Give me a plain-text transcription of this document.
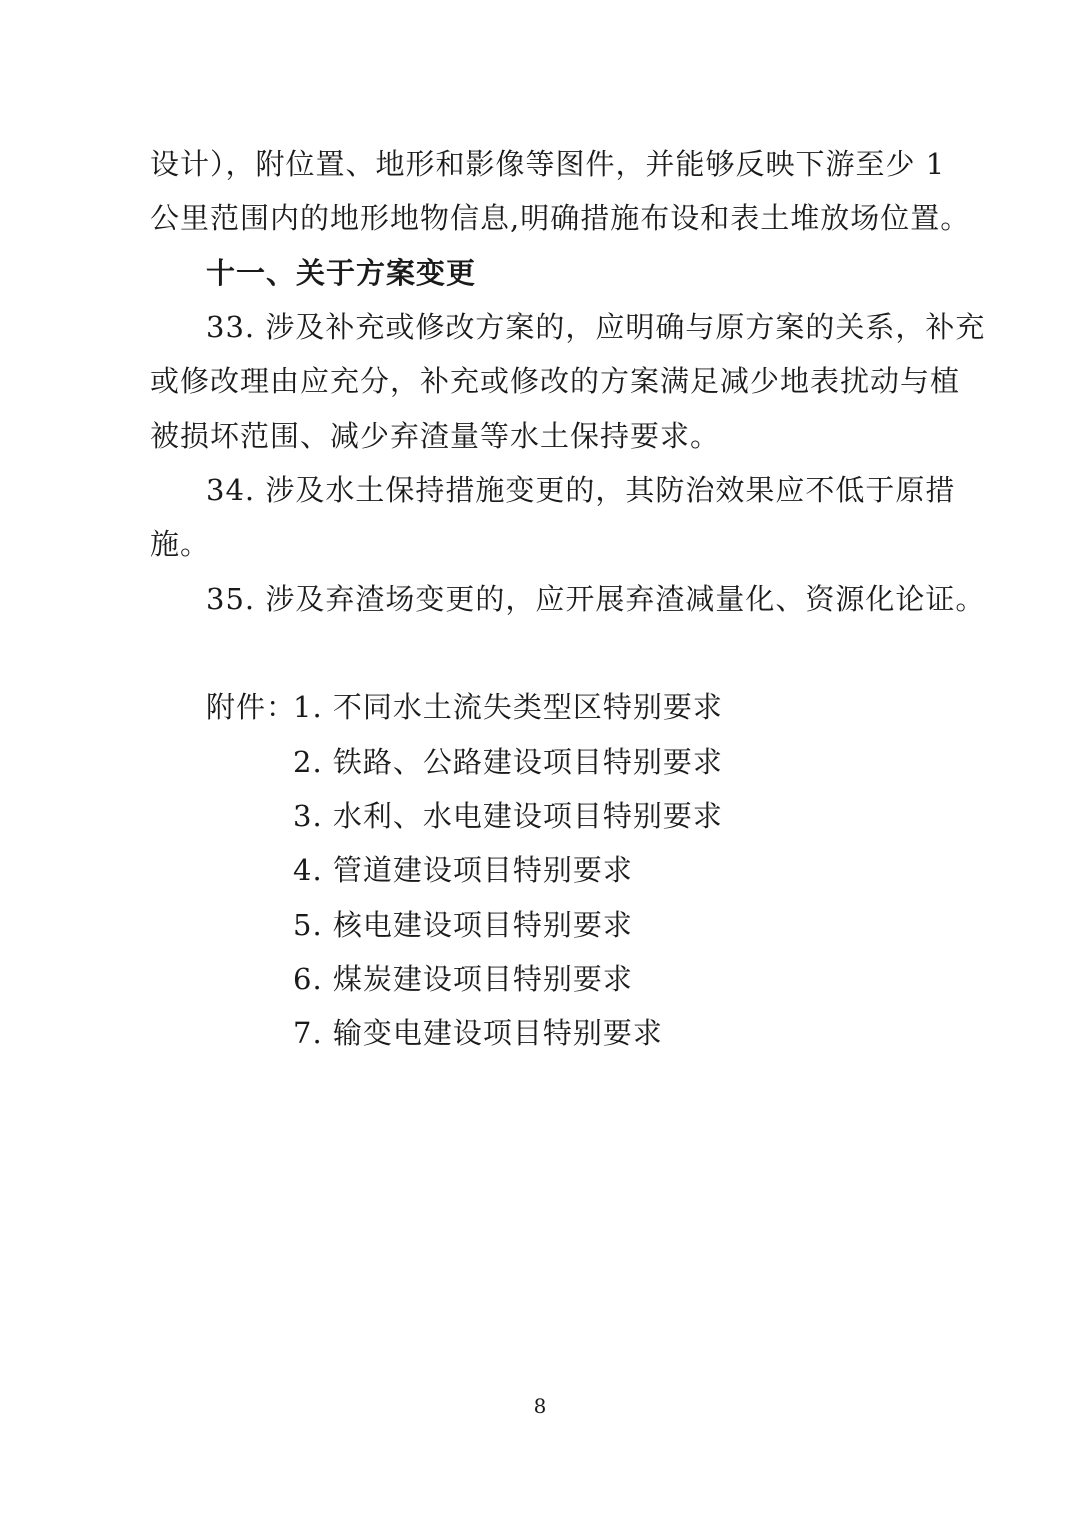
设计），附位置、地形和影像等图件，并能够反映下游至少 1
公里范围内的地形地物信息,明确措施布设和表土堆放场位置。
十一、关于方案变更
33. 涉及补充或修改方案的，应明确与原方案的关系，补充
或修改理由应充分，补充或修改的方案满足减少地表扰动与植
被损坏范围、减少弃渣量等水土保持要求。
34. 涉及水土保持措施变更的，其防治效果应不低于原措
施。
35. 涉及弃渣场变更的，应开展弃渣减量化、资源化论证。
附件：
1. 不同水土流失类型区特别要求
2. 铁路、公路建设项目特别要求
3. 水利、水电建设项目特别要求
4. 管道建设项目特别要求
5. 核电建设项目特别要求
6. 煤炭建设项目特别要求
7. 输变电建设项目特别要求
8
